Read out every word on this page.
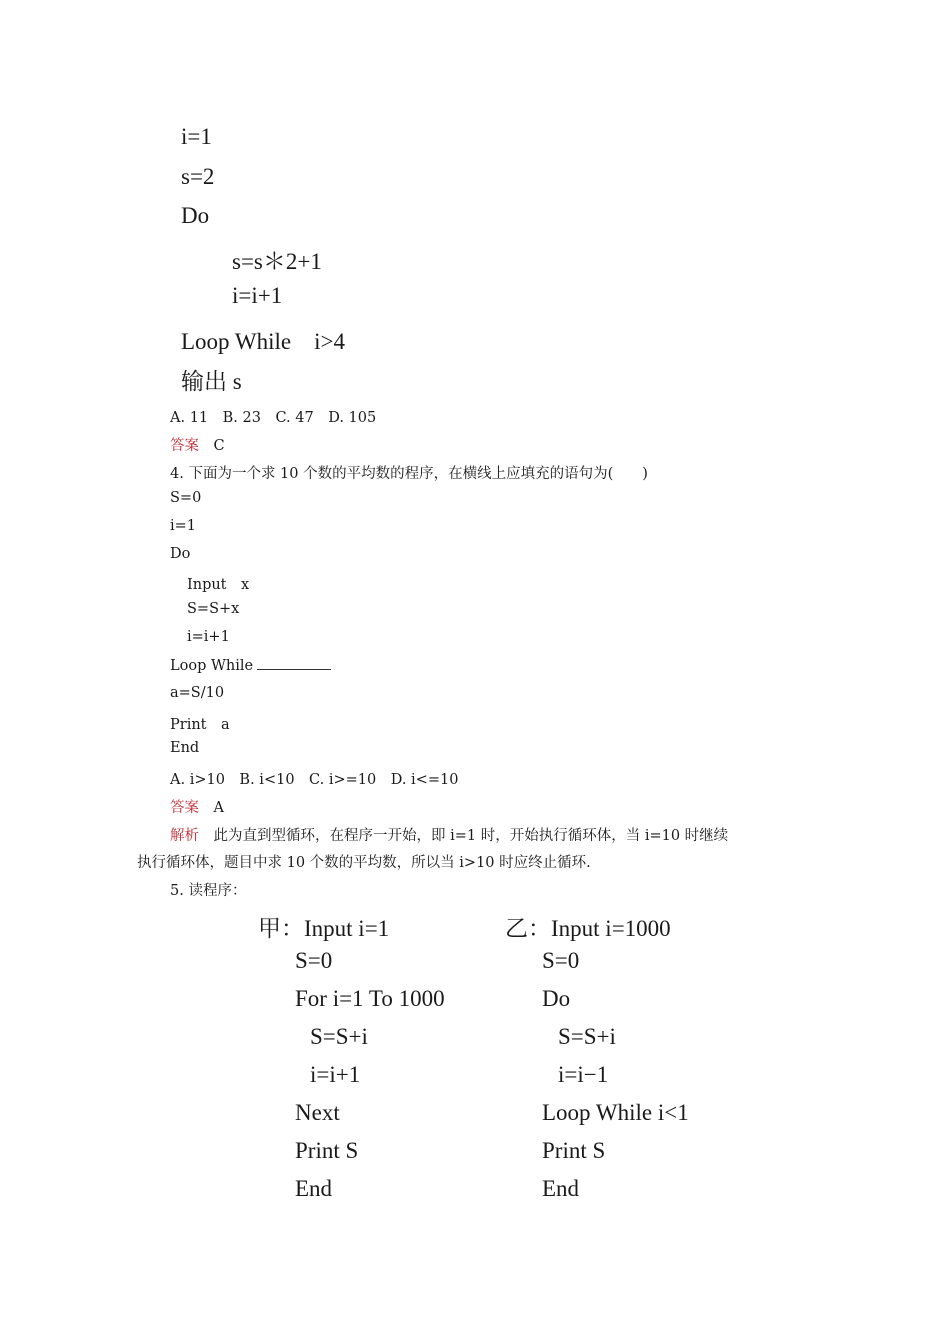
i=1
s=2
Do
s=s＊2+1
i=i+1
Loop While　i>4
输出 s
A. 11　B. 23　C. 47　D. 105
答案　 C
4. 下面为一个求 10 个数的平均数的程序，在横线上应填充的语句为(　　)
S=0
i=1
Do
Input　x
S=S+x
i=i+1
Loop While
a=S/10
Print　a
End
A. i>10　B. i<10　C. i>=10　D. i<=10
答案　 A
解析　 此为直到型循环，在程序一开始，即 i=1 时，开始执行循环体，当 i=10 时继续
执行循环体，题目中求 10 个数的平均数，所以当 i>10 时应终止循环.
5. 读程序：
甲：Input i=1
S=0
For i=1 To 1000
S=S+i
i=i+1
Next
Print S
End
乙：Input i=1000
S=0
Do
S=S+i
i=i−1
Loop While i<1
Print S
End
